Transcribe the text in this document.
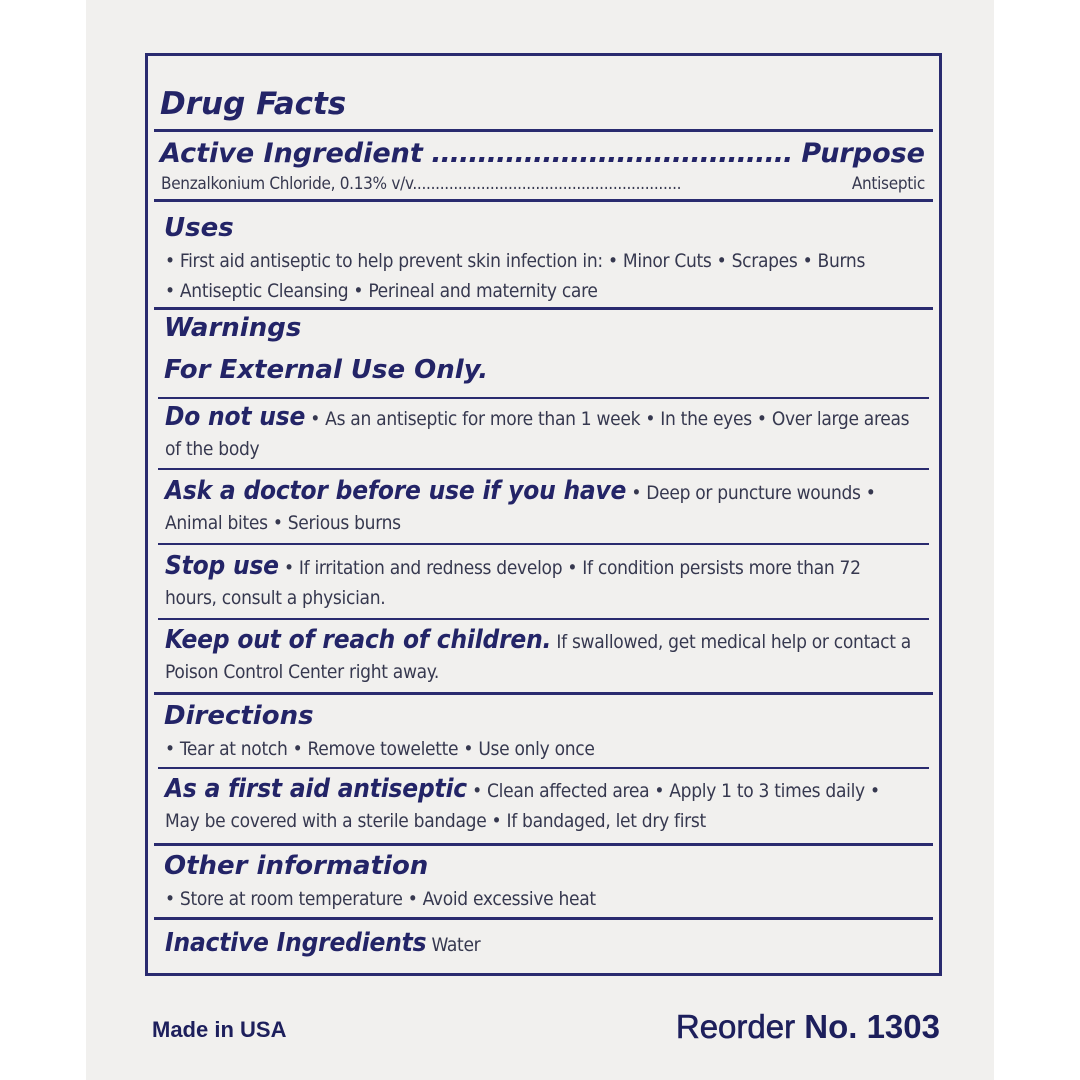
Drug Facts
Active Ingredient ....................................... Purpose
Benzalkonium Chloride, 0.13% v/v...........................................................	Antiseptic
Uses
• First aid antiseptic to help prevent skin infection in: • Minor Cuts • Scrapes • Burns
• Antiseptic Cleansing • Perineal and maternity care
Warnings
For External Use Only.
Do not use • As an antiseptic for more than 1 week • In the eyes • Over large areas of the body
Ask a doctor before use if you have • Deep or puncture wounds • Animal bites • Serious burns
Stop use • If irritation and redness develop • If condition persists more than 72 hours, consult a physician.
Keep out of reach of children. If swallowed, get medical help or contact a Poison Control Center right away.
Directions
• Tear at notch • Remove towelette • Use only once
As a first aid antiseptic • Clean affected area • Apply 1 to 3 times daily • May be covered with a sterile bandage • If bandaged, let dry first
Other information
• Store at room temperature • Avoid excessive heat
Inactive Ingredients Water
Made in USA	Reorder No. 1303
